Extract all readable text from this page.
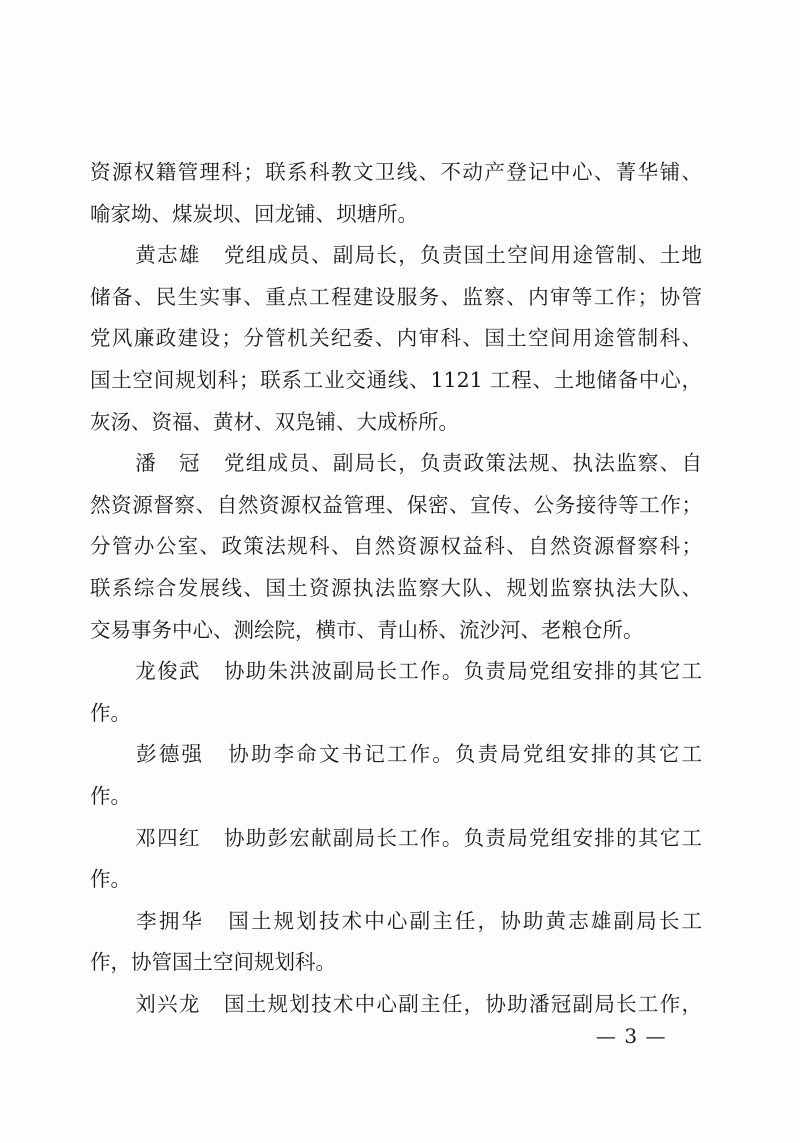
资源权籍管理科；联系科教文卫线、不动产登记中心、菁华铺、
喻家坳、煤炭坝、回龙铺、坝塘所。
黄志雄 党组成员、副局长，负责国土空间用途管制、土地
储备、民生实事、重点工程建设服务、监察、内审等工作；协管
党风廉政建设；分管机关纪委、内审科、国土空间用途管制科、
国土空间规划科；联系工业交通线、1121 工程、土地储备中心，
灰汤、资福、黄材、双凫铺、大成桥所。
潘　冠 党组成员、副局长，负责政策法规、执法监察、自
然资源督察、自然资源权益管理、保密、宣传、公务接待等工作；
分管办公室、政策法规科、自然资源权益科、自然资源督察科；
联系综合发展线、国土资源执法监察大队、规划监察执法大队、
交易事务中心、测绘院，横市、青山桥、流沙河、老粮仓所。
龙俊武 协助朱洪波副局长工作。负责局党组安排的其它工
作。
彭德强 协助李命文书记工作。负责局党组安排的其它工
作。
邓四红 协助彭宏献副局长工作。负责局党组安排的其它工
作。
李拥华 国土规划技术中心副主任，协助黄志雄副局长工
作，协管国土空间规划科。
刘兴龙 国土规划技术中心副主任，协助潘冠副局长工作，
— 3 —
